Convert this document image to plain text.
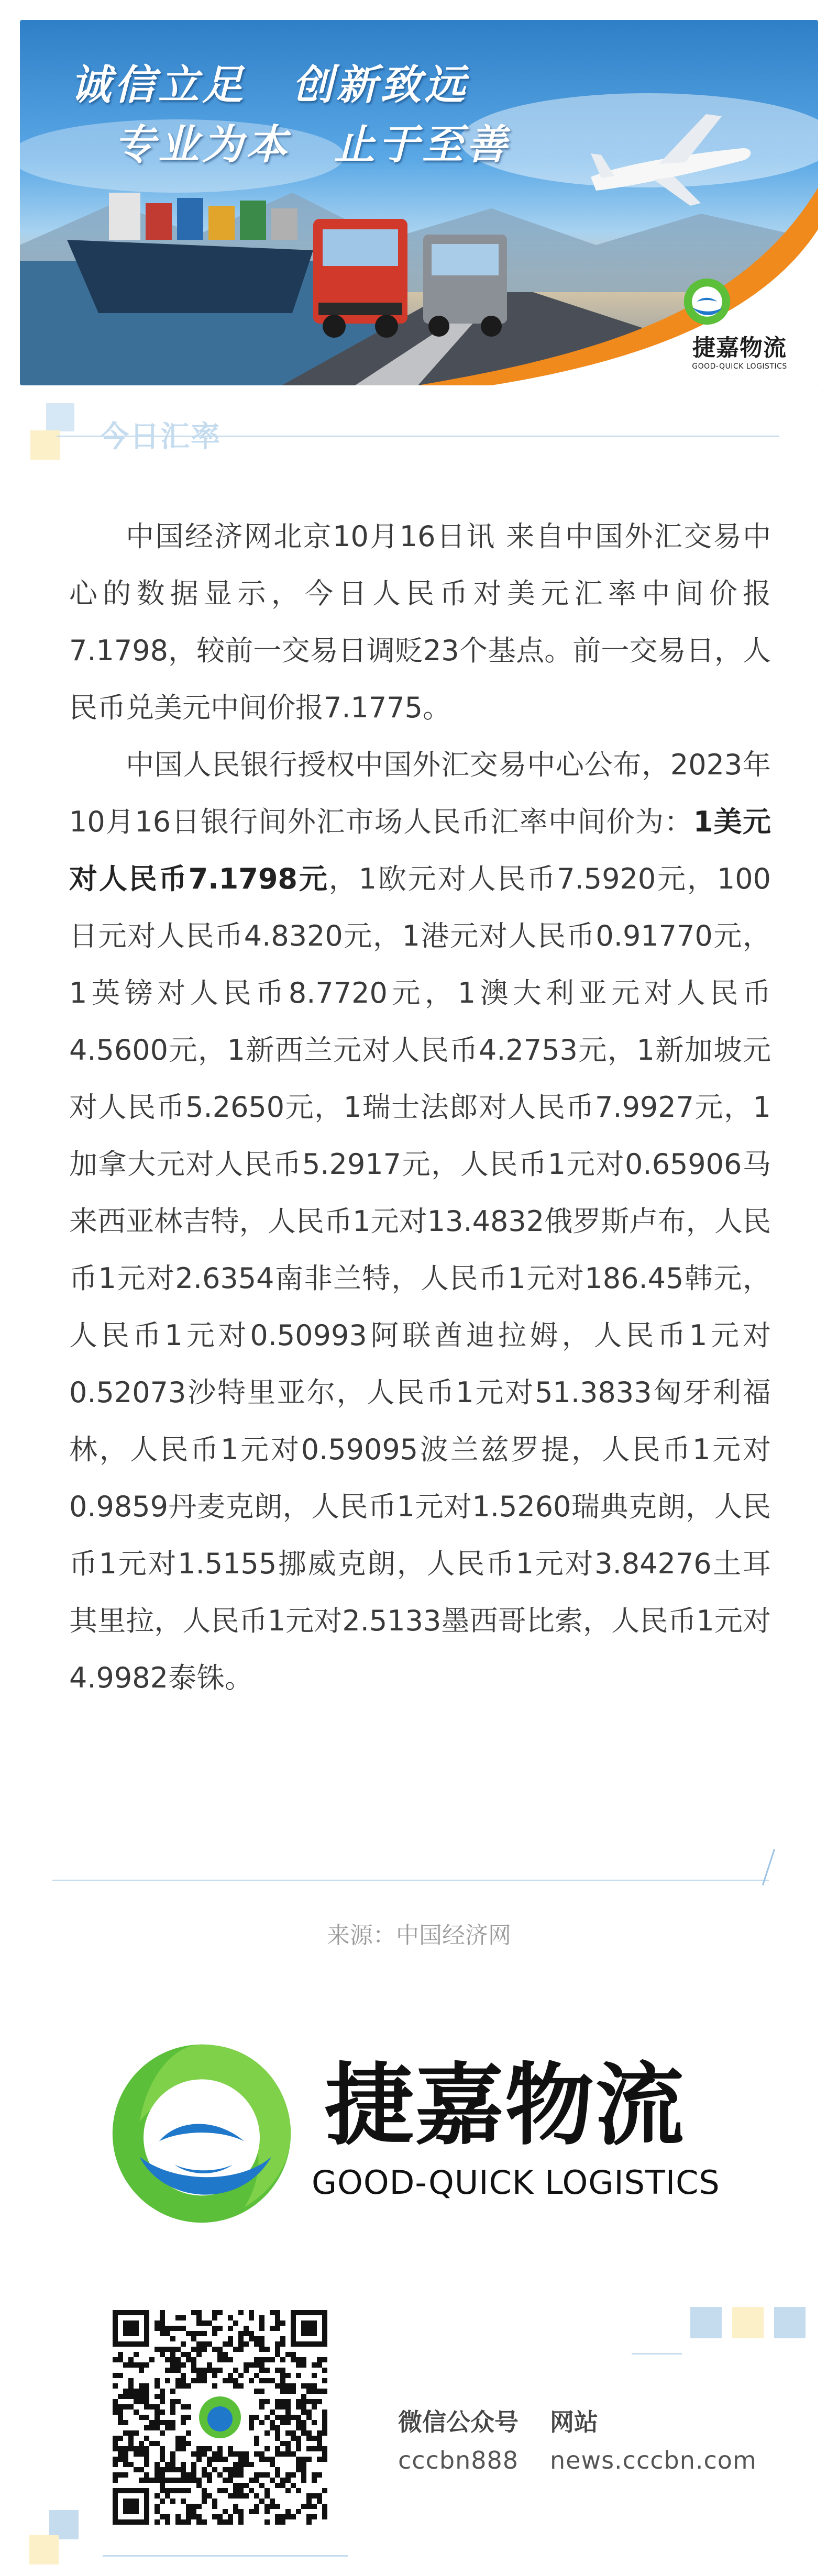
诚信立足 创新致远
专业为本 止于至善
捷嘉物流
GOOD-QUICK LOGISTICS
今日汇率

中国经济网北京10月16日讯 来自中国外汇交易中心的数据显示，今日人民币对美元汇率中间价报7.1798，较前一交易日调贬23个基点。前一交易日，人民币兑美元中间价报7.1775。

中国人民银行授权中国外汇交易中心公布，2023年10月16日银行间外汇市场人民币汇率中间价为：1美元对人民币7.1798元，1欧元对人民币7.5920元，100日元对人民币4.8320元，1港元对人民币0.91770元，1英镑对人民币8.7720元，1澳大利亚元对人民币4.5600元，1新西兰元对人民币4.2753元，1新加坡元对人民币5.2650元，1瑞士法郎对人民币7.9927元，1加拿大元对人民币5.2917元，人民币1元对0.65906马来西亚林吉特，人民币1元对13.4832俄罗斯卢布，人民币1元对2.6354南非兰特，人民币1元对186.45韩元，人民币1元对0.50993阿联酋迪拉姆，人民币1元对0.52073沙特里亚尔，人民币1元对51.3833匈牙利福林，人民币1元对0.59095波兰兹罗提，人民币1元对0.9859丹麦克朗，人民币1元对1.5260瑞典克朗，人民币1元对1.5155挪威克朗，人民币1元对3.84276土耳其里拉，人民币1元对2.5133墨西哥比索，人民币1元对4.9982泰铢。

来源：中国经济网
捷嘉物流
GOOD-QUICK LOGISTICS
微信公众号 网站
cccbn888 news.cccbn.com
